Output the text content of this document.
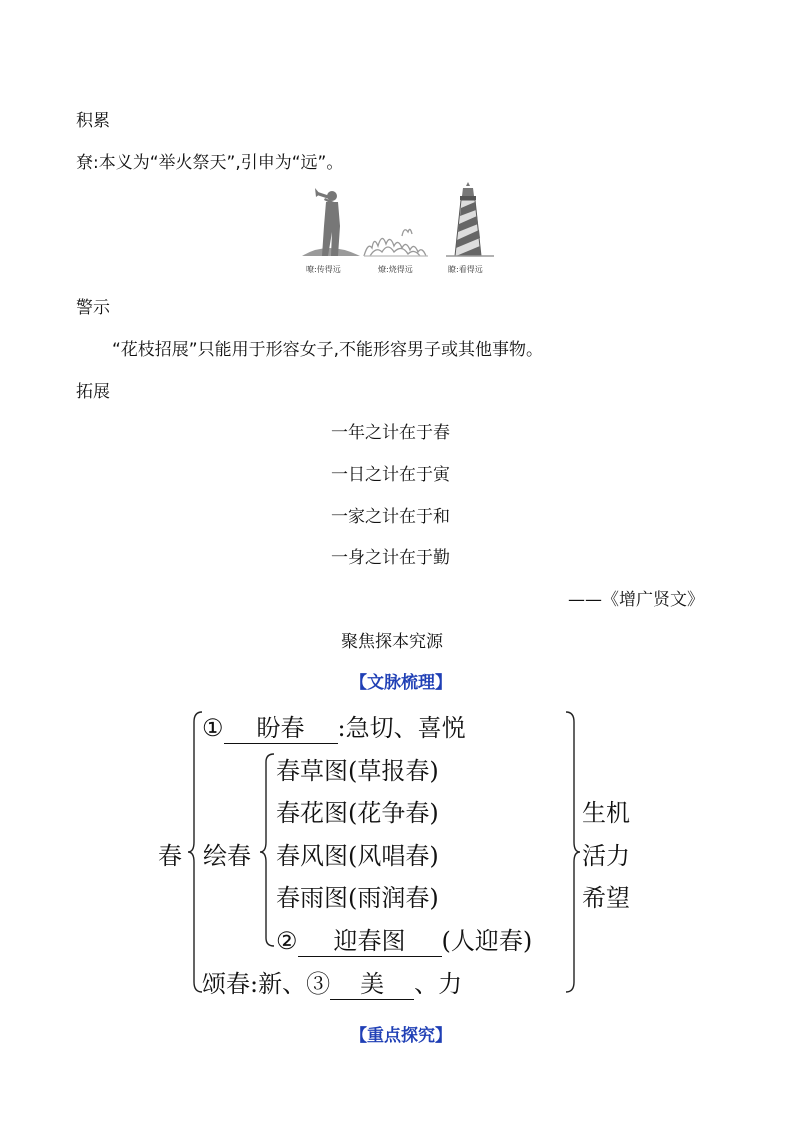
积累
尞:本义为“举火祭天”,引申为“远”。
嘹:传得远	燎:烧得远	瞭:看得远
警示
“花枝招展”只能用于形容女子,不能形容男子或其他事物。
拓展
一年之计在于春
一日之计在于寅
一家之计在于和
一身之计在于勤
——《增广贤文》
聚焦探本究源
【文脉梳理】
春
① 盼春 :急切、喜悦
绘春
春草图(草报春)
春花图(花争春)
春风图(风唱春)
春雨图(雨润春)
② 迎春图 (人迎春)
颂春:新、③ 美 、力
生机
活力
希望
【重点探究】
